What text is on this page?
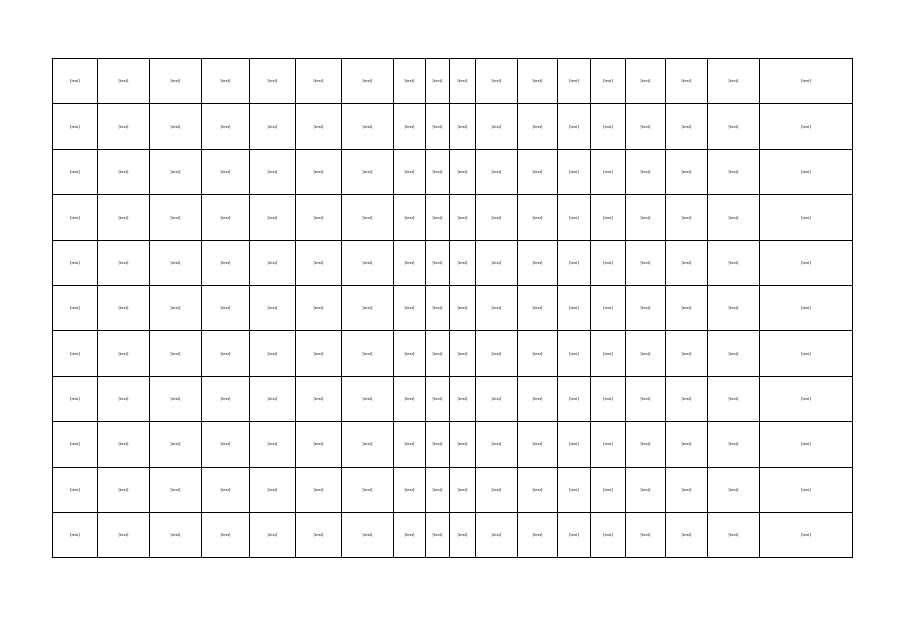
[text]	[text]	[text]	[text]	[text]	[text]	[text]	[text]	[text]	[text]	[text]	[text]	[text]	[text]	[text]	[text]	[text]	[text]
[text]	[text]	[text]	[text]	[text]	[text]	[text]	[text]	[text]	[text]	[text]	[text]	[text]	[text]	[text]	[text]	[text]	[text]
[text]	[text]	[text]	[text]	[text]	[text]	[text]	[text]	[text]	[text]	[text]	[text]	[text]	[text]	[text]	[text]	[text]	[text]
[text]	[text]	[text]	[text]	[text]	[text]	[text]	[text]	[text]	[text]	[text]	[text]	[text]	[text]	[text]	[text]	[text]	[text]
[text]	[text]	[text]	[text]	[text]	[text]	[text]	[text]	[text]	[text]	[text]	[text]	[text]	[text]	[text]	[text]	[text]	[text]
[text]	[text]	[text]	[text]	[text]	[text]	[text]	[text]	[text]	[text]	[text]	[text]	[text]	[text]	[text]	[text]	[text]	[text]
[text]	[text]	[text]	[text]	[text]	[text]	[text]	[text]	[text]	[text]	[text]	[text]	[text]	[text]	[text]	[text]	[text]	[text]
[text]	[text]	[text]	[text]	[text]	[text]	[text]	[text]	[text]	[text]	[text]	[text]	[text]	[text]	[text]	[text]	[text]	[text]
[text]	[text]	[text]	[text]	[text]	[text]	[text]	[text]	[text]	[text]	[text]	[text]	[text]	[text]	[text]	[text]	[text]	[text]
[text]	[text]	[text]	[text]	[text]	[text]	[text]	[text]	[text]	[text]	[text]	[text]	[text]	[text]	[text]	[text]	[text]	[text]
[text]	[text]	[text]	[text]	[text]	[text]	[text]	[text]	[text]	[text]	[text]	[text]	[text]	[text]	[text]	[text]	[text]	[text]
